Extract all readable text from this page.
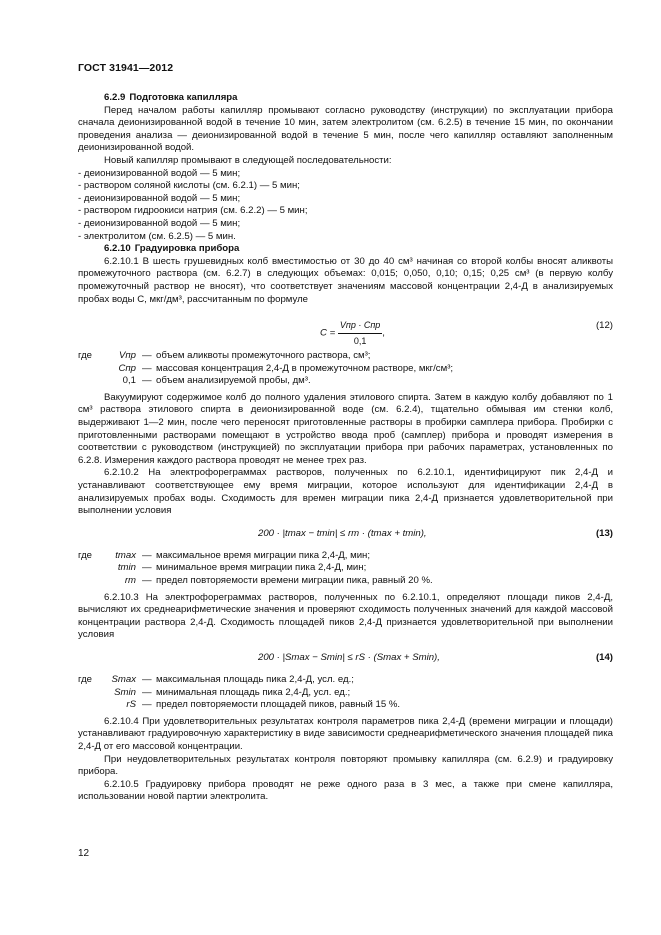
ГОСТ 31941—2012

6.2.9 Подготовка капилляра

Перед началом работы капилляр промывают согласно руководству (инструкции) по эксплуатации прибора сначала деионизированной водой в течение 10 мин, затем электролитом (см. 6.2.5) в течение 15 мин, по окончании проведения анализа — деионизированной водой в течение 5 мин, после чего капилляр оставляют заполненным деионизированной водой.

Новый капилляр промывают в следующей последовательности:

- деионизированной водой — 5 мин;

- раствором соляной кислоты (см. 6.2.1) — 5 мин;

- деионизированной водой — 5 мин;

- раствором гидроокиси натрия (см. 6.2.2) — 5 мин;

- деионизированной водой — 5 мин;

- электролитом (см. 6.2.5) — 5 мин.

6.2.10 Градуировка прибора

6.2.10.1 В шесть грушевидных колб вместимостью от 30 до 40 см³ начиная со второй колбы вносят аликвоты промежуточного раствора (см. 6.2.7) в следующих объемах: 0,015; 0,050, 0,10; 0,15; 0,25 см³ (в первую колбу промежуточный раствор не вносят), что соответствует значениям массовой концентрации 2,4-Д в анализируемых пробах воды С, мкг/дм³, рассчитанным по формуле

$C = \frac{\text{Vпр · Cпр}}{0,1}$ ,
(12)
где	Vпр — объем аликвоты промежуточного раствора, см³;
Cпр — массовая концентрация 2,4-Д в промежуточном растворе, мкг/см³;
0,1 — объем анализируемой пробы, дм³.

Вакуумируют содержимое колб до полного удаления этилового спирта. Затем в каждую колбу добавляют по 1 см³ раствора этилового спирта в деионизированной воде (см. 6.2.4), тщательно обмывая им стенки колб, выдерживают 1—2 мин, после чего переносят приготовленные растворы в пробирки самплера прибора. Пробирки с приготовленными растворами помещают в устройство ввода проб (самплер) прибора и проводят измерения в соответствии с руководством (инструкцией) по эксплуатации прибора при рабочих параметрах, установленных по 6.2.8. Измерения каждого раствора проводят не менее трех раз.

6.2.10.2 На электрофореграммах растворов, полученных по 6.2.10.1, идентифицируют пик 2,4-Д и устанавливают соответствующее ему время миграции, которое используют для идентификации 2,4-Д в анализируемых пробах воды. Сходимость для времен миграции пика 2,4-Д признается удовлетворительной при выполнении условия

200 · |tmax − tmin| ≤ rm · (tmax + tmin),	(13)
где	tmax — максимальное время миграции пика 2,4-Д, мин;
tmin — минимальное время миграции пика 2,4-Д, мин;
rm — предел повторяемости времени миграции пика, равный 20 %.

6.2.10.3 На электрофореграммах растворов, полученных по 6.2.10.1, определяют площади пиков 2,4-Д, вычисляют их среднеарифметические значения и проверяют сходимость полученных значений для каждой массовой концентрации раствора 2,4-Д. Сходимость площадей пиков 2,4-Д признается удовлетворительной при выполнении условия

200 · |Smax − Smin| ≤ rS · (Smax + Smin),	(14)
где	Smax — максимальная площадь пика 2,4-Д, усл. ед.;
Smin — минимальная площадь пика 2,4-Д, усл. ед.;
rS — предел повторяемости площадей пиков, равный 15 %.

6.2.10.4 При удовлетворительных результатах контроля параметров пика 2,4-Д (времени миграции и площади) устанавливают градуировочную характеристику в виде зависимости среднеарифметического значения площадей пика 2,4-Д от его массовой концентрации.

При неудовлетворительных результатах контроля повторяют промывку капилляра (см. 6.2.9) и градуировку прибора.

6.2.10.5 Градуировку прибора проводят не реже одного раза в 3 мес, а также при смене капилляра, использовании новой партии электролита.

12
